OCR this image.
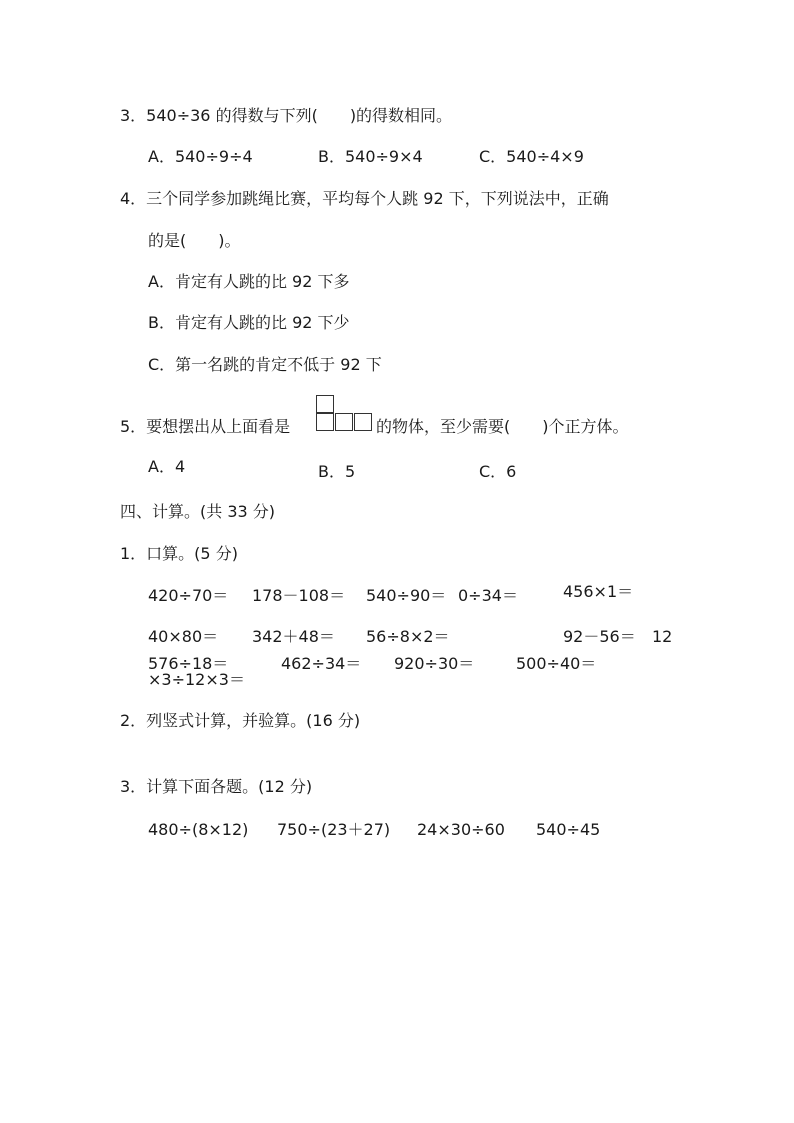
3．540÷36 的得数与下列(　　)的得数相同。
A．540÷9÷4	B．540÷9×4	C．540÷4×9
4．三个同学参加跳绳比赛，平均每个人跳 92 下，下列说法中，正确
的是(　　)。
A．肯定有人跳的比 92 下多
B．肯定有人跳的比 92 下少
C．第一名跳的肯定不低于 92 下
5．要想摆出从上面看是	的物体，至少需要(　　)个正方体。
A．4	B．5	C．6
四、计算。(共 33 分)
1．口算。(5 分)
420÷70＝ 178－108＝ 540÷90＝ 0÷34＝	456×1＝
40×80＝ 342＋48＝ 56÷8×2＝	92－56＝ 12
576÷18＝	462÷34＝ 920÷30＝	500÷40＝
×3÷12×3＝
2．列竖式计算，并验算。(16 分)
3．计算下面各题。(12 分)
480÷(8×12) 750÷(23＋27) 24×30÷60 540÷45
